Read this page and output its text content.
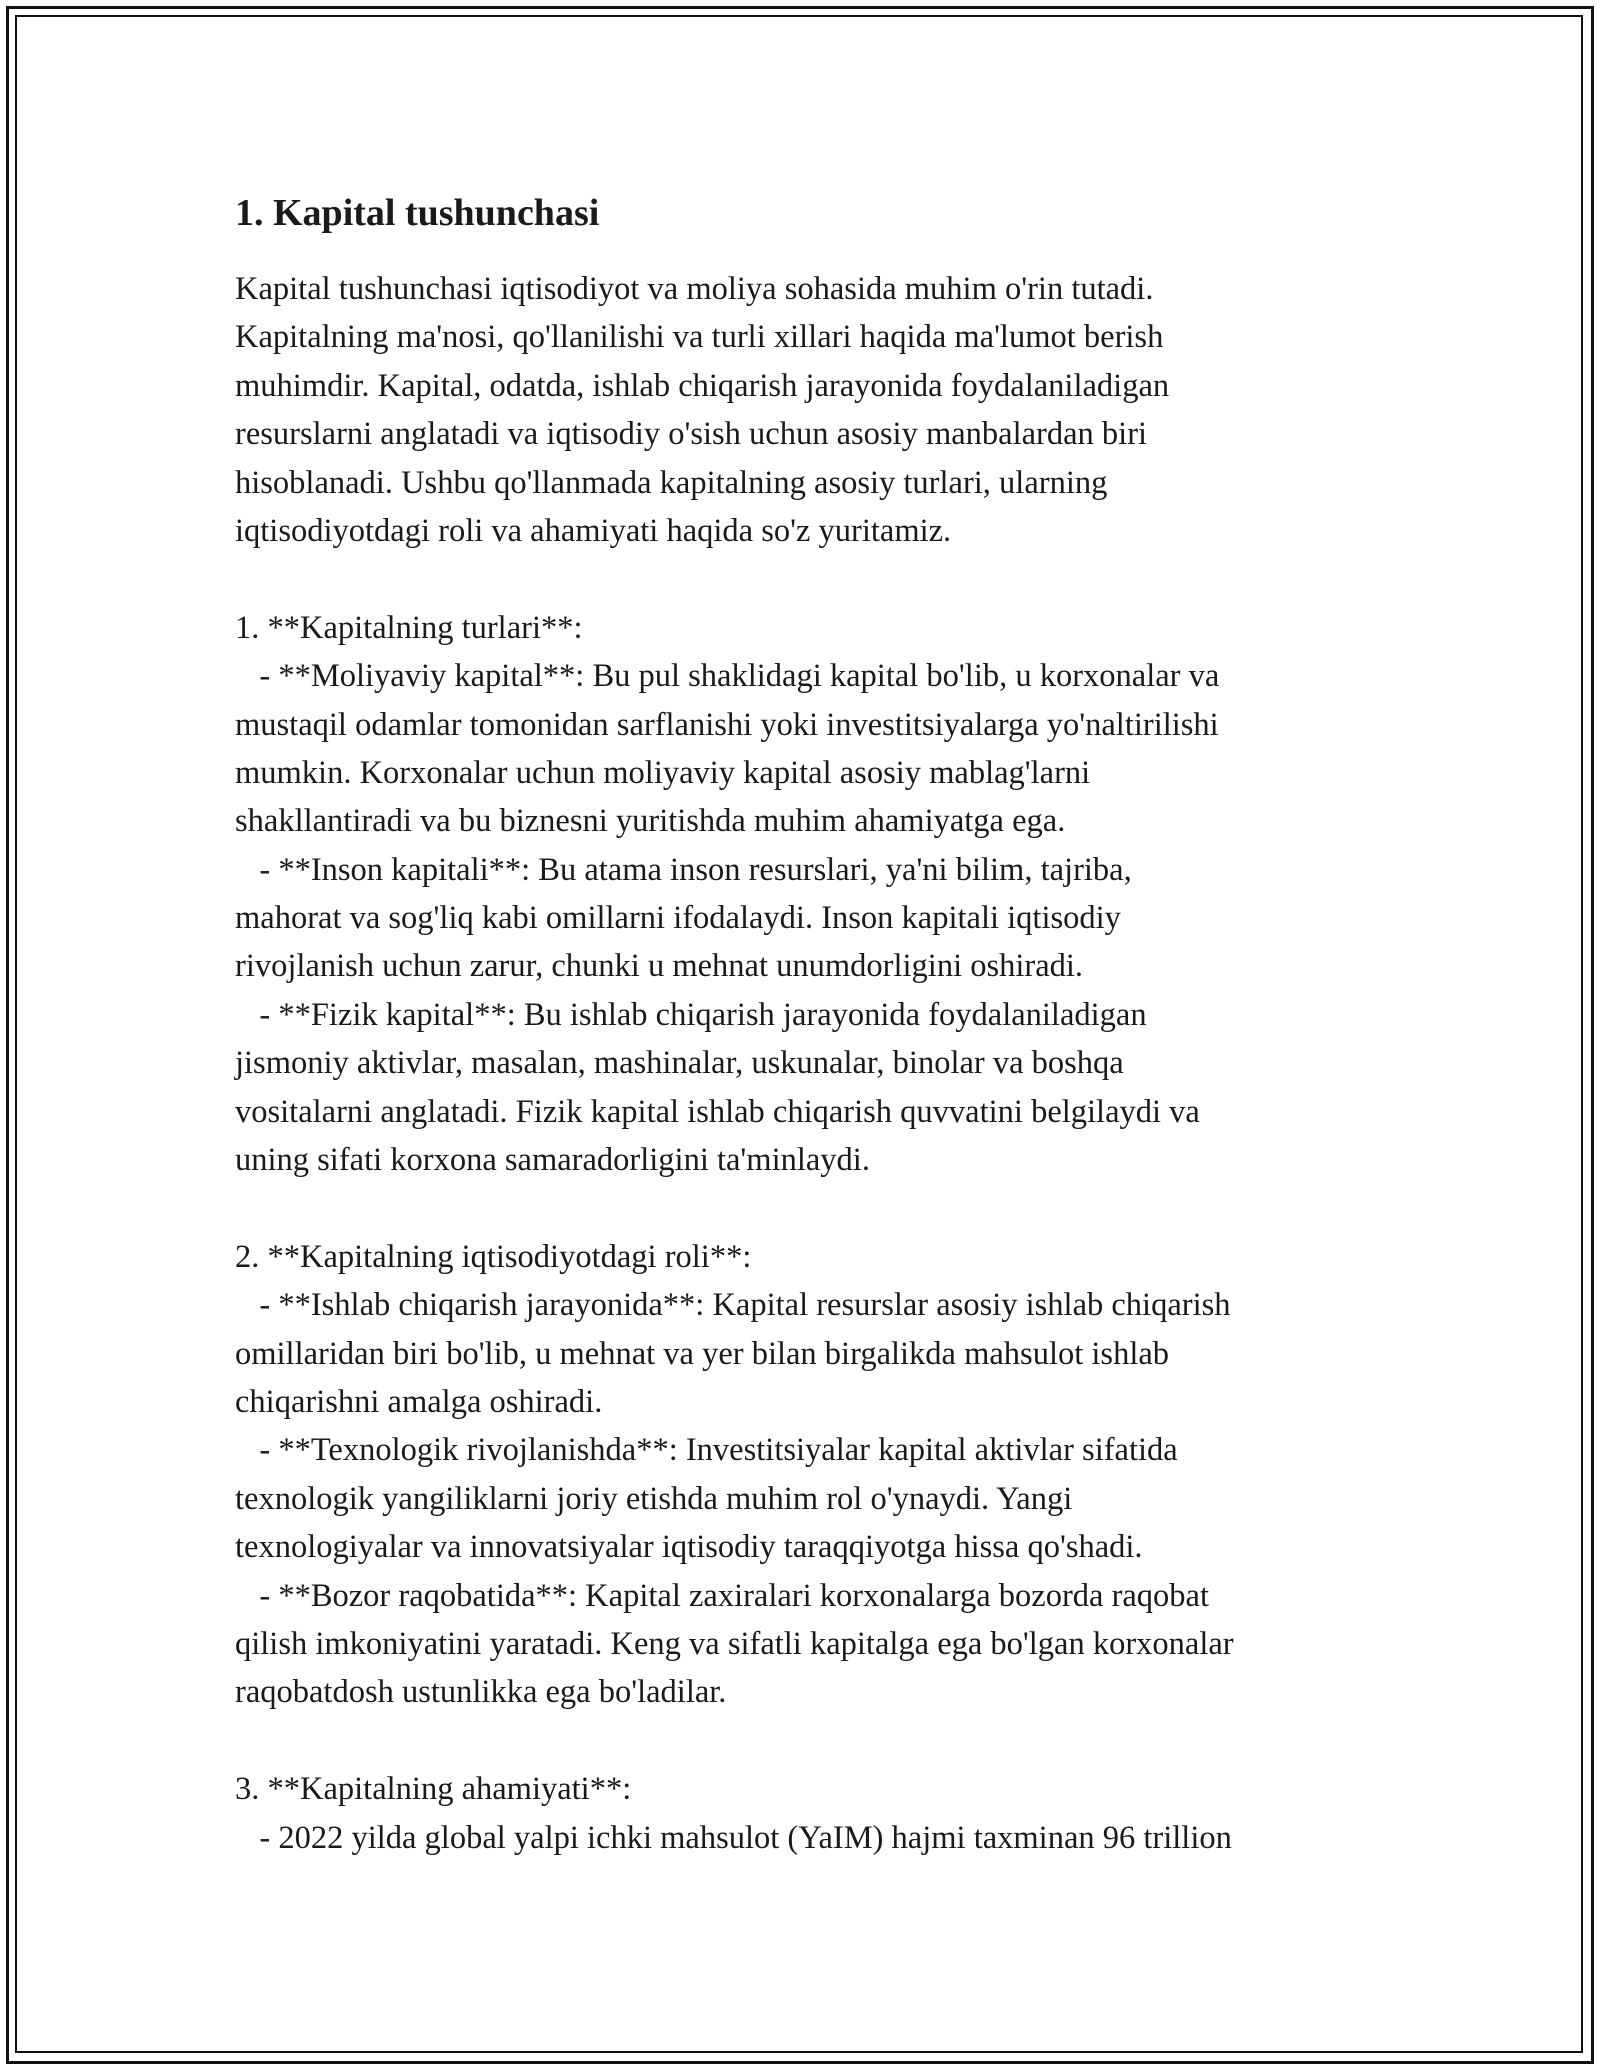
1. Kapital tushunchasi
Kapital tushunchasi iqtisodiyot va moliya sohasida muhim o'rin tutadi.
Kapitalning ma'nosi, qo'llanilishi va turli xillari haqida ma'lumot berish
muhimdir. Kapital, odatda, ishlab chiqarish jarayonida foydalaniladigan
resurslarni anglatadi va iqtisodiy o'sish uchun asosiy manbalardan biri
hisoblanadi. Ushbu qo'llanmada kapitalning asosiy turlari, ularning
iqtisodiyotdagi roli va ahamiyati haqida so'z yuritamiz.
1. **Kapitalning turlari**:
- **Moliyaviy kapital**: Bu pul shaklidagi kapital bo'lib, u korxonalar va
mustaqil odamlar tomonidan sarflanishi yoki investitsiyalarga yo'naltirilishi
mumkin. Korxonalar uchun moliyaviy kapital asosiy mablag'larni
shakllantiradi va bu biznesni yuritishda muhim ahamiyatga ega.
- **Inson kapitali**: Bu atama inson resurslari, ya'ni bilim, tajriba,
mahorat va sog'liq kabi omillarni ifodalaydi. Inson kapitali iqtisodiy
rivojlanish uchun zarur, chunki u mehnat unumdorligini oshiradi.
- **Fizik kapital**: Bu ishlab chiqarish jarayonida foydalaniladigan
jismoniy aktivlar, masalan, mashinalar, uskunalar, binolar va boshqa
vositalarni anglatadi. Fizik kapital ishlab chiqarish quvvatini belgilaydi va
uning sifati korxona samaradorligini ta'minlaydi.
2. **Kapitalning iqtisodiyotdagi roli**:
- **Ishlab chiqarish jarayonida**: Kapital resurslar asosiy ishlab chiqarish
omillaridan biri bo'lib, u mehnat va yer bilan birgalikda mahsulot ishlab
chiqarishni amalga oshiradi.
- **Texnologik rivojlanishda**: Investitsiyalar kapital aktivlar sifatida
texnologik yangiliklarni joriy etishda muhim rol o'ynaydi. Yangi
texnologiyalar va innovatsiyalar iqtisodiy taraqqiyotga hissa qo'shadi.
- **Bozor raqobatida**: Kapital zaxiralari korxonalarga bozorda raqobat
qilish imkoniyatini yaratadi. Keng va sifatli kapitalga ega bo'lgan korxonalar
raqobatdosh ustunlikka ega bo'ladilar.
3. **Kapitalning ahamiyati**:
- 2022 yilda global yalpi ichki mahsulot (YaIM) hajmi taxminan 96 trillion
